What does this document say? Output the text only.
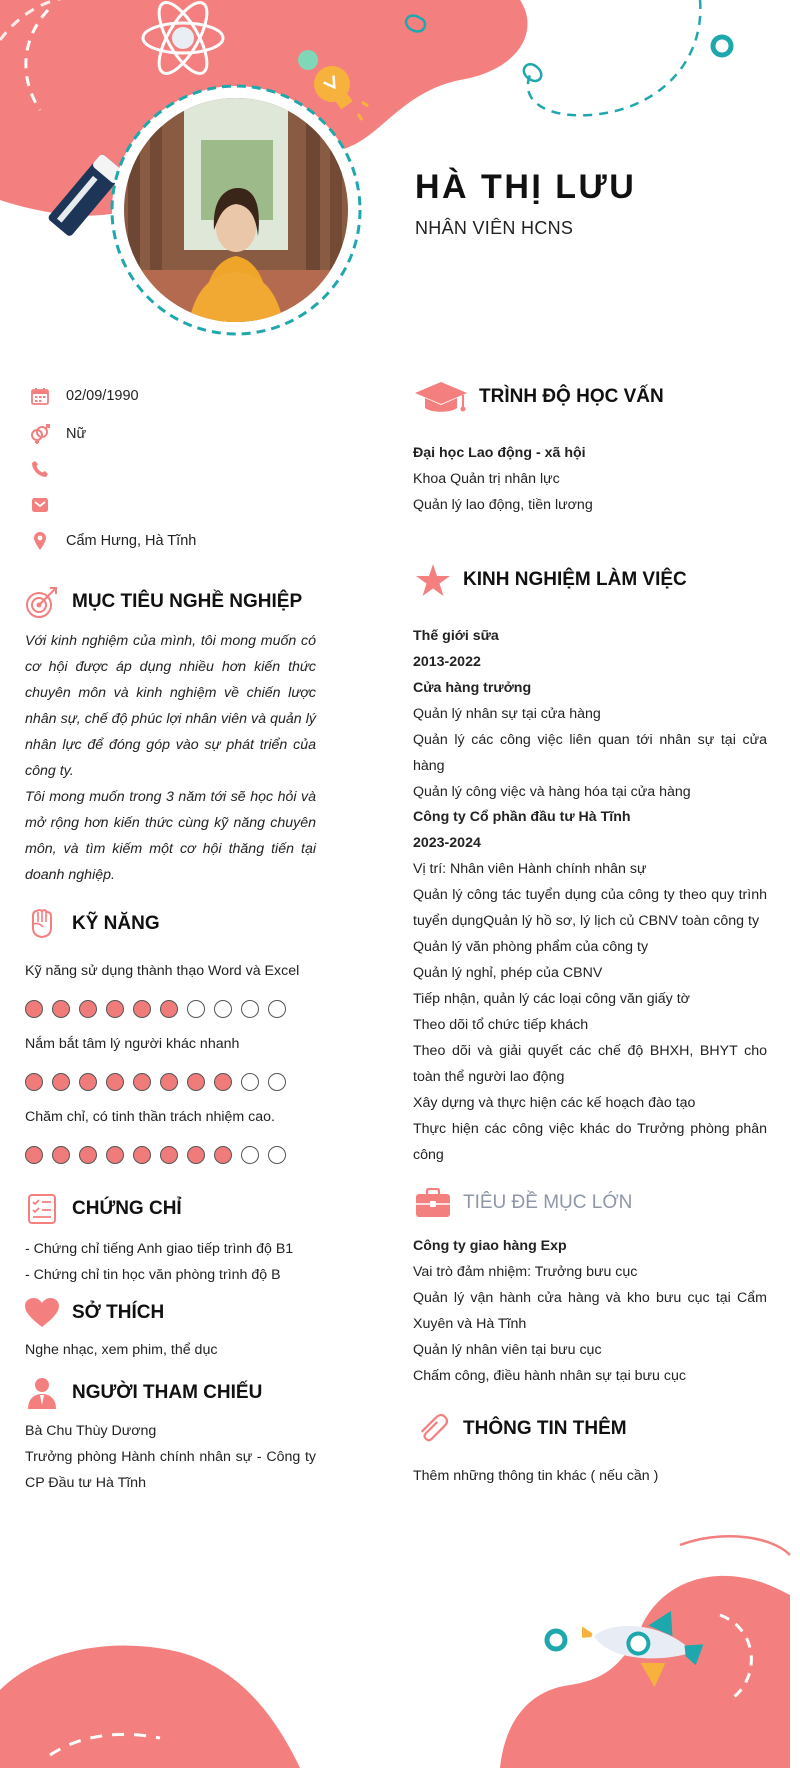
HÀ THỊ LƯU
NHÂN VIÊN HCNS
02/09/1990
Nữ
Cẩm Hưng, Hà Tĩnh
MỤC TIÊU NGHỀ NGHIỆP

Với kinh nghiệm của mình, tôi mong muốn có cơ hội được áp dụng nhiều hơn kiến thức chuyên môn và kinh nghiệm về chiến lược nhân sự, chế độ phúc lợi nhân viên và quản lý nhân lực để đóng góp vào sự phát triển của công ty.

Tôi mong muốn trong 3 năm tới sẽ học hỏi và mở rộng hơn kiến thức cùng kỹ năng chuyên môn, và tìm kiếm một cơ hội thăng tiến tại doanh nghiệp.

KỸ NĂNG
Kỹ năng sử dụng thành thạo Word và Excel
Nắm bắt tâm lý người khác nhanh
Chăm chỉ, có tinh thần trách nhiệm cao.
CHỨNG CHỈ

- Chứng chỉ tiếng Anh giao tiếp trình độ B1

- Chứng chỉ tin học văn phòng trình độ B

SỞ THÍCH
Nghe nhạc, xem phim, thể dục
NGƯỜI THAM CHIẾU

Bà Chu Thùy Dương

Trưởng phòng Hành chính nhân sự - Công ty CP Đầu tư Hà Tĩnh

TRÌNH ĐỘ HỌC VẤN

Đại học Lao động - xã hội

Khoa Quản trị nhân lực

Quản lý lao động, tiền lương

KINH NGHIỆM LÀM VIỆC

Thế giới sữa

2013-2022

Cửa hàng trưởng

Quản lý nhân sự tại cửa hàng

Quản lý các công việc liên quan tới nhân sự tại cửa hàng

Quản lý công việc và hàng hóa tại cửa hàng

Công ty Cổ phần đầu tư Hà Tĩnh

2023-2024

Vị trí: Nhân viên Hành chính nhân sự

Quản lý công tác tuyển dụng của công ty theo quy trình tuyển dụngQuản lý hồ sơ, lý lịch củ CBNV toàn công ty

Quản lý văn phòng phẩm của công ty

Quản lý nghỉ, phép của CBNV

Tiếp nhận, quản lý các loại công văn giấy tờ

Theo dõi tổ chức tiếp khách

Theo dõi và giải quyết các chế độ BHXH, BHYT cho toàn thể người lao động

Xây dựng và thực hiện các kế hoạch đào tạo

Thực hiện các công việc khác do Trưởng phòng phân công

TIÊU ĐỀ MỤC LỚN

Công ty giao hàng Exp

Vai trò đảm nhiệm: Trưởng bưu cục

Quản lý vận hành cửa hàng và kho bưu cục tại Cẩm Xuyên và Hà Tĩnh

Quản lý nhân viên tại bưu cục

Chấm công, điều hành nhân sự tại bưu cục

THÔNG TIN THÊM
Thêm những thông tin khác ( nếu cần )
